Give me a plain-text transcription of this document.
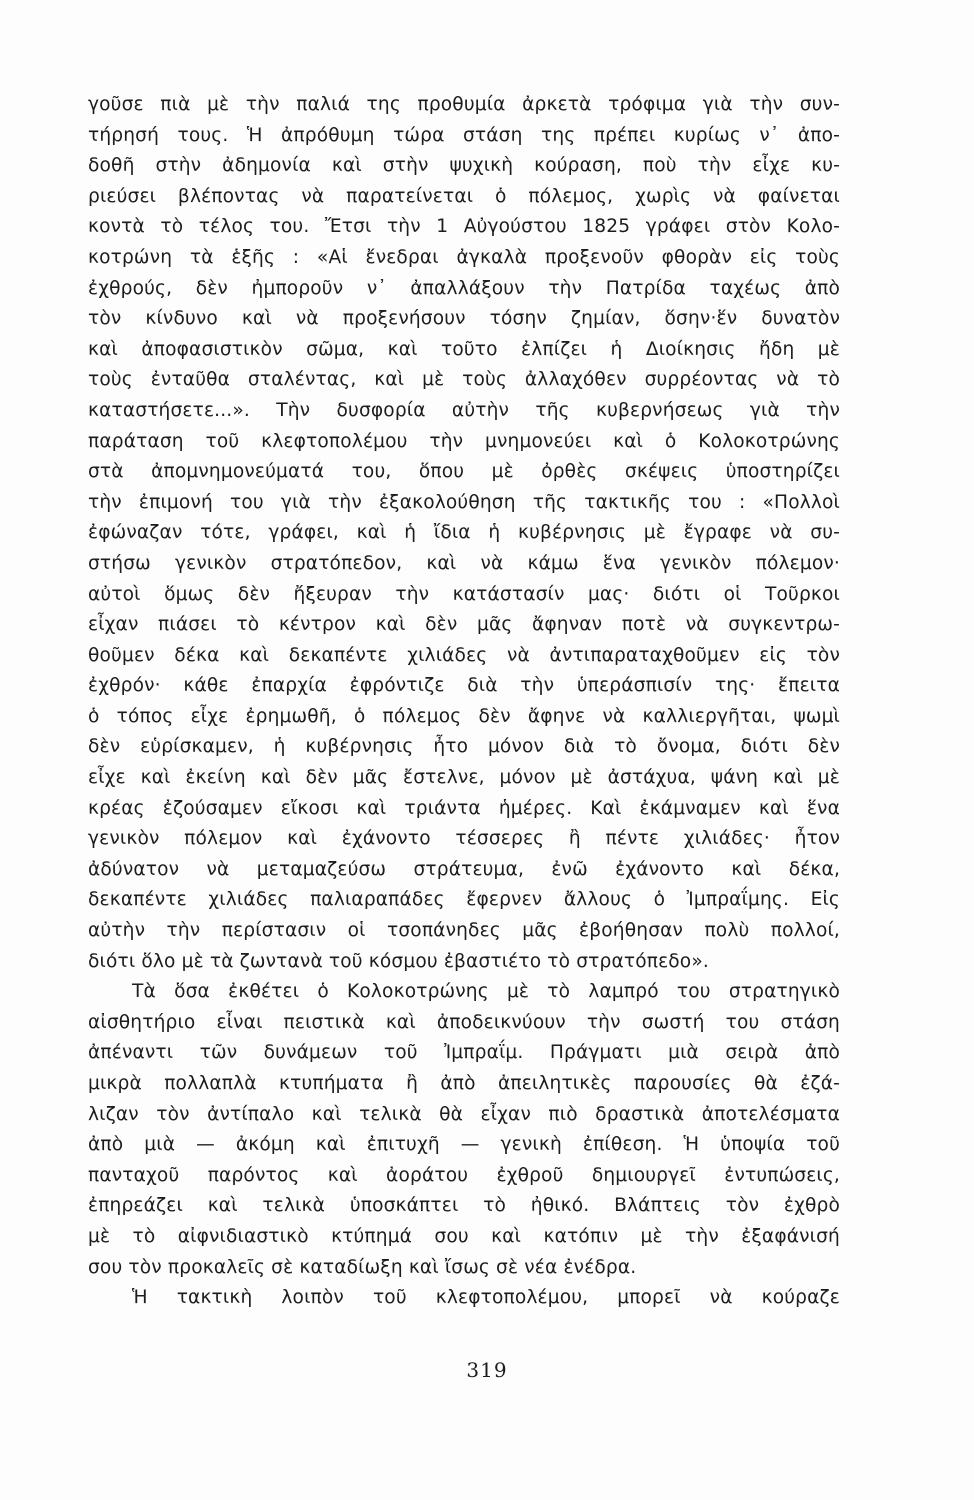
γοῦσε πιὰ μὲ τὴν παλιά της προθυμία ἀρκετὰ τρόφιμα γιὰ τὴν συν-
τήρησή τους. Ἡ ἀπρόθυμη τώρα στάση της πρέπει κυρίως ν᾽ ἀπο-
δοθῆ στὴν ἀδημονία καὶ στὴν ψυχικὴ κούραση, ποὺ τὴν εἶχε κυ-
ριεύσει βλέποντας νὰ παρατείνεται ὁ πόλεμος, χωρὶς νὰ φαίνεται
κοντὰ τὸ τέλος του. Ἔτσι τὴν 1 Αὐγούστου 1825 γράφει στὸν Κολο-
κοτρώνη τὰ ἑξῆς : «Αἱ ἔνεδραι ἀγκαλὰ προξενοῦν φθορὰν εἰς τοὺς
ἐχθρούς, δὲν ἠμποροῦν ν᾽ ἀπαλλάξουν τὴν Πατρίδα ταχέως ἀπὸ
τὸν κίνδυνο καὶ νὰ προξενήσουν τόσην ζημίαν, ὅσην·ἕν δυνατὸν
καὶ ἀποφασιστικὸν σῶμα, καὶ τοῦτο ἐλπίζει ἡ Διοίκησις ἤδη μὲ
τοὺς ἐνταῦθα σταλέντας, καὶ μὲ τοὺς ἀλλαχόθεν συρρέοντας νὰ τὸ
καταστήσετε...». Τὴν δυσφορία αὐτὴν τῆς κυβερνήσεως γιὰ τὴν
παράταση τοῦ κλεφτοπολέμου τὴν μνημονεύει καὶ ὁ Κολοκοτρώνης
στὰ ἀπομνημονεύματά του, ὅπου μὲ ὀρθὲς σκέψεις ὑποστηρίζει
τὴν ἐπιμονή του γιὰ τὴν ἐξακολούθηση τῆς τακτικῆς του : «Πολλοὶ
ἐφώναζαν τότε, γράφει, καὶ ἡ ἴδια ἡ κυβέρνησις μὲ ἔγραφε νὰ συ-
στήσω γενικὸν στρατόπεδον, καὶ νὰ κάμω ἕνα γενικὸν πόλεμον·
αὐτοὶ ὅμως δὲν ἤξευραν τὴν κατάστασίν μας· διότι οἱ Τοῦρκοι
εἶχαν πιάσει τὸ κέντρον καὶ δὲν μᾶς ἄφηναν ποτὲ νὰ συγκεντρω-
θοῦμεν δέκα καὶ δεκαπέντε χιλιάδες νὰ ἀντιπαραταχθοῦμεν εἰς τὸν
ἐχθρόν· κάθε ἐπαρχία ἐφρόντιζε διὰ τὴν ὑπεράσπισίν της· ἔπειτα
ὁ τόπος εἶχε ἐρημωθῆ, ὁ πόλεμος δὲν ἄφηνε νὰ καλλιεργῆται, ψωμὶ
δὲν εὑρίσκαμεν, ἡ κυβέρνησις ἦτο μόνον διὰ τὸ ὄνομα, διότι δὲν
εἶχε καὶ ἐκείνη καὶ δὲν μᾶς ἔστελνε, μόνον μὲ ἀστάχυα, ψάνη καὶ μὲ
κρέας ἐζούσαμεν εἴκοσι καὶ τριάντα ἡμέρες. Καὶ ἐκάμναμεν καὶ ἕνα
γενικὸν πόλεμον καὶ ἐχάνοντο τέσσερες ἢ πέντε χιλιάδες· ἦτον
ἀδύνατον νὰ μεταμαζεύσω στράτευμα, ἐνῶ ἐχάνοντο καὶ δέκα,
δεκαπέντε χιλιάδες παλιαραπάδες ἔφερνεν ἄλλους ὁ Ἰμπραΐμης. Εἰς
αὐτὴν τὴν περίστασιν οἱ τσοπάνηδες μᾶς ἐβοήθησαν πολὺ πολλοί,
διότι ὅλο μὲ τὰ ζωντανὰ τοῦ κόσμου ἐβαστιέτο τὸ στρατόπεδο».
Τὰ ὅσα ἐκθέτει ὁ Κολοκοτρώνης μὲ τὸ λαμπρό του στρατηγικὸ
αἰσθητήριο εἶναι πειστικὰ καὶ ἀποδεικνύουν τὴν σωστή του στάση
ἀπέναντι τῶν δυνάμεων τοῦ Ἰμπραΐμ. Πράγματι μιὰ σειρὰ ἀπὸ
μικρὰ πολλαπλὰ κτυπήματα ἢ ἀπὸ ἀπειλητικὲς παρουσίες θὰ ἐζά-
λιζαν τὸν ἀντίπαλο καὶ τελικὰ θὰ εἶχαν πιὸ δραστικὰ ἀποτελέσματα
ἀπὸ μιὰ — ἀκόμη καὶ ἐπιτυχῆ — γενικὴ ἐπίθεση. Ἡ ὑποψία τοῦ
πανταχοῦ παρόντος καὶ ἀοράτου ἐχθροῦ δημιουργεῖ ἐντυπώσεις,
ἐπηρεάζει καὶ τελικὰ ὑποσκάπτει τὸ ἠθικό. Βλάπτεις τὸν ἐχθρὸ
μὲ τὸ αἰφνιδιαστικὸ κτύπημά σου καὶ κατόπιν μὲ τὴν ἐξαφάνισή
σου τὸν προκαλεῖς σὲ καταδίωξη καὶ ἴσως σὲ νέα ἐνέδρα.
Ἡ τακτικὴ λοιπὸν τοῦ κλεφτοπολέμου, μπορεῖ νὰ κούραζε
319
